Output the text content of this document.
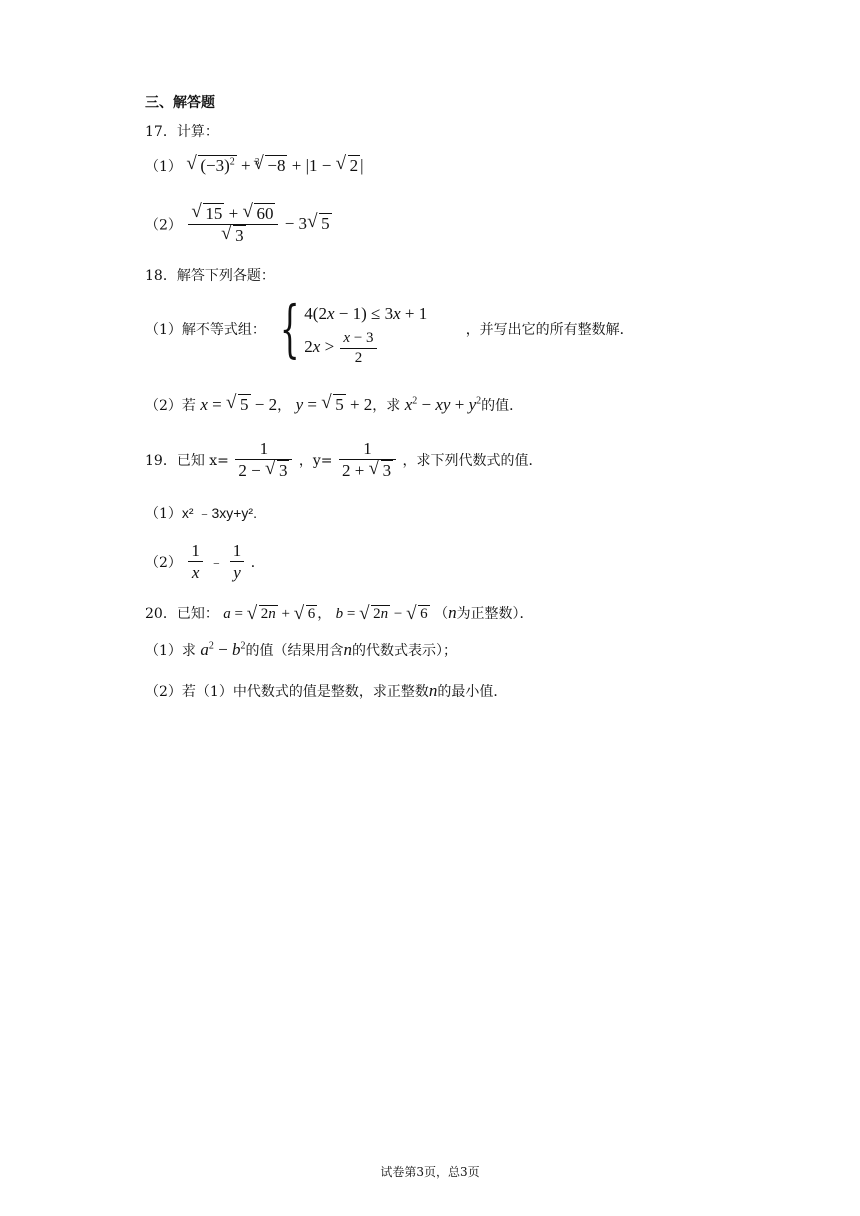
三、解答题
17．计算：
（1） √ $(-3)^2 + ^3√ -8 + |1$ − √ 2 |
（2）
√ 15 + √ 60
√ 3 − 3√ 5
18．解答下列各题：
（1）解不等式组： { 4(2x − 1) ≤ 3x + 1
$2x > \frac{x - 3}{2}$	，并写出它的所有整数解．
（2）若 x = √ 5 − 2， y = √ 5 + 2，求 $x^2$ − xy + $y^2$的值．
19．已知 $x= \frac{1}{2 - √ 3}$ ，$y= \frac{1}{2 + √ 3}$ ，求下列代数式的值．
（1）x² ﹣3xy+y².
$(2) \frac{1}{x}$ ﹣ $\frac{1}{y}$ ．
20．已知： a = √ 2n + √ 6 ， b = √ 2n − √ 6 （n为正整数）．
（1）求 $a^2 - b^2$的值（结果用含n的代数式表示）；
（2）若（1）中代数式的值是整数，求正整数n的最小值．
试卷第3页，总3页
